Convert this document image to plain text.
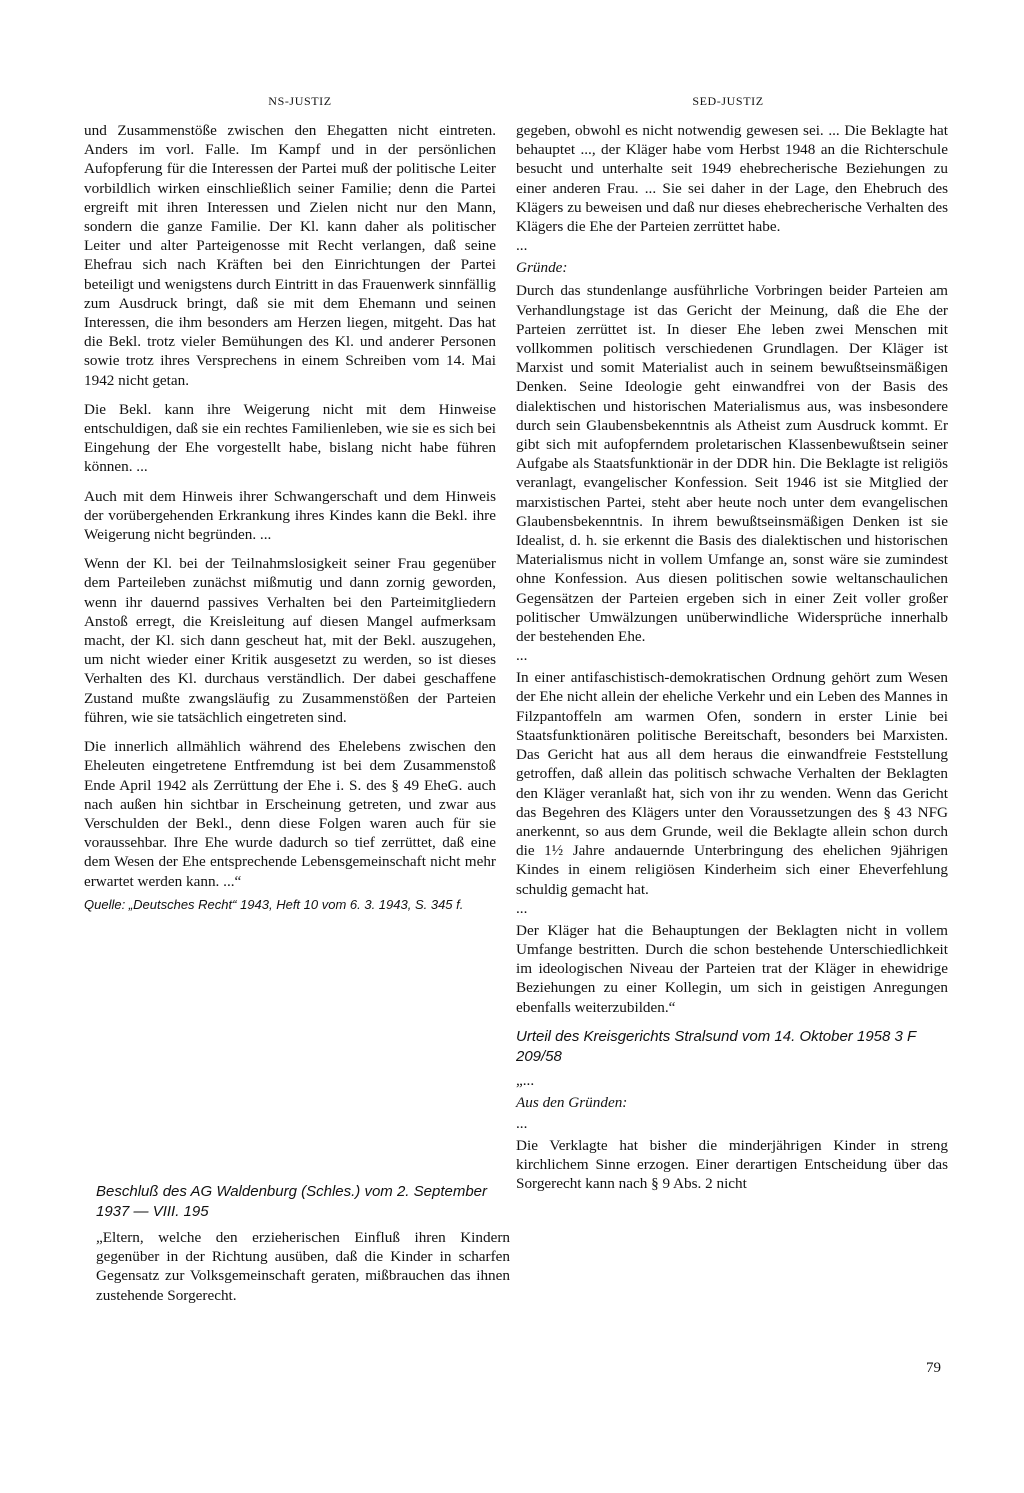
NS-JUSTIZ	SED-JUSTIZ

und Zusammenstöße zwischen den Ehegatten nicht eintreten. Anders im vorl. Falle. Im Kampf und in der persönlichen Aufopferung für die Interessen der Partei muß der politische Leiter vorbildlich wirken einschließlich seiner Familie; denn die Partei ergreift mit ihren Interessen und Zielen nicht nur den Mann, sondern die ganze Familie. Der Kl. kann daher als politischer Leiter und alter Parteigenosse mit Recht verlangen, daß seine Ehefrau sich nach Kräften bei den Einrichtungen der Partei beteiligt und wenigstens durch Eintritt in das Frauenwerk sinnfällig zum Ausdruck bringt, daß sie mit dem Ehemann und seinen Interessen, die ihm besonders am Herzen liegen, mitgeht. Das hat die Bekl. trotz vieler Bemühungen des Kl. und anderer Personen sowie trotz ihres Versprechens in einem Schreiben vom 14. Mai 1942 nicht getan.

Die Bekl. kann ihre Weigerung nicht mit dem Hinweise entschuldigen, daß sie ein rechtes Familienleben, wie sie es sich bei Eingehung der Ehe vorgestellt habe, bislang nicht habe führen können. ...

Auch mit dem Hinweis ihrer Schwangerschaft und dem Hinweis der vorübergehenden Erkrankung ihres Kindes kann die Bekl. ihre Weigerung nicht begründen. ...

Wenn der Kl. bei der Teilnahmslosigkeit seiner Frau gegenüber dem Parteileben zunächst mißmutig und dann zornig geworden, wenn ihr dauernd passives Verhalten bei den Parteimitgliedern Anstoß erregt, die Kreisleitung auf diesen Mangel aufmerksam macht, der Kl. sich dann gescheut hat, mit der Bekl. auszugehen, um nicht wieder einer Kritik ausgesetzt zu werden, so ist dieses Verhalten des Kl. durchaus verständlich. Der dabei geschaffene Zustand mußte zwangsläufig zu Zusammenstößen der Parteien führen, wie sie tatsächlich eingetreten sind.

Die innerlich allmählich während des Ehelebens zwischen den Eheleuten eingetretene Entfremdung ist bei dem Zusammenstoß Ende April 1942 als Zerrüttung der Ehe i. S. des § 49 EheG. auch nach außen hin sichtbar in Erscheinung getreten, und zwar aus Verschulden der Bekl., denn diese Folgen waren auch für sie voraussehbar. Ihre Ehe wurde dadurch so tief zerrüttet, daß eine dem Wesen der Ehe entsprechende Lebensgemeinschaft nicht mehr erwartet werden kann. ...“

Quelle: „Deutsches Recht“ 1943, Heft 10 vom 6. 3. 1943, S. 345 f.

Beschluß des AG Waldenburg (Schles.) vom 2. September 1937 — VIII. 195

„Eltern, welche den erzieherischen Einfluß ihren Kindern gegenüber in der Richtung ausüben, daß die Kinder in scharfen Gegensatz zur Volksgemeinschaft geraten, mißbrauchen das ihnen zustehende Sorgerecht.

gegeben, obwohl es nicht notwendig gewesen sei. ... Die Beklagte hat behauptet ..., der Kläger habe vom Herbst 1948 an die Richterschule besucht und unterhalte seit 1949 ehebrecherische Beziehungen zu einer anderen Frau. ... Sie sei daher in der Lage, den Ehebruch des Klägers zu beweisen und daß nur dieses ehebrecherische Verhalten des Klägers die Ehe der Parteien zerrüttet habe.

...

Gründe:

Durch das stundenlange ausführliche Vorbringen beider Parteien am Verhandlungstage ist das Gericht der Meinung, daß die Ehe der Parteien zerrüttet ist. In dieser Ehe leben zwei Menschen mit vollkommen politisch verschiedenen Grundlagen. Der Kläger ist Marxist und somit Materialist auch in seinem bewußtseinsmäßigen Denken. Seine Ideologie geht einwandfrei von der Basis des dialektischen und historischen Materialismus aus, was insbesondere durch sein Glaubensbekenntnis als Atheist zum Ausdruck kommt. Er gibt sich mit aufopferndem proletarischen Klassenbewußtsein seiner Aufgabe als Staatsfunktionär in der DDR hin. Die Beklagte ist religiös veranlagt, evangelischer Konfession. Seit 1946 ist sie Mitglied der marxistischen Partei, steht aber heute noch unter dem evangelischen Glaubensbekenntnis. In ihrem bewußtseinsmäßigen Denken ist sie Idealist, d. h. sie erkennt die Basis des dialektischen und historischen Materialismus nicht in vollem Umfange an, sonst wäre sie zumindest ohne Konfession. Aus diesen politischen sowie weltanschaulichen Gegensätzen der Parteien ergeben sich in einer Zeit voller großer politischer Umwälzungen unüberwindliche Widersprüche innerhalb der bestehenden Ehe.

...

In einer antifaschistisch-demokratischen Ordnung gehört zum Wesen der Ehe nicht allein der eheliche Verkehr und ein Leben des Mannes in Filzpantoffeln am warmen Ofen, sondern in erster Linie bei Staatsfunktionären politische Bereitschaft, besonders bei Marxisten. Das Gericht hat aus all dem heraus die einwandfreie Feststellung getroffen, daß allein das politisch schwache Verhalten der Beklagten den Kläger veranlaßt hat, sich von ihr zu wenden. Wenn das Gericht das Begehren des Klägers unter den Voraussetzungen des § 43 NFG anerkennt, so aus dem Grunde, weil die Beklagte allein schon durch die 1½ Jahre andauernde Unterbringung des ehelichen 9jährigen Kindes in einem religiösen Kinderheim sich einer Eheverfehlung schuldig gemacht hat.

...

Der Kläger hat die Behauptungen der Beklagten nicht in vollem Umfange bestritten. Durch die schon bestehende Unterschiedlichkeit im ideologischen Niveau der Parteien trat der Kläger in ehewidrige Beziehungen zu einer Kollegin, um sich in geistigen Anregungen ebenfalls weiterzubilden.“

Urteil des Kreisgerichts Stralsund vom 14. Oktober 1958 3 F 209/58

„...

Aus den Gründen:

...

Die Verklagte hat bisher die minderjährigen Kinder in streng kirchlichem Sinne erzogen. Einer derartigen Entscheidung über das Sorgerecht kann nach § 9 Abs. 2 nicht

79
